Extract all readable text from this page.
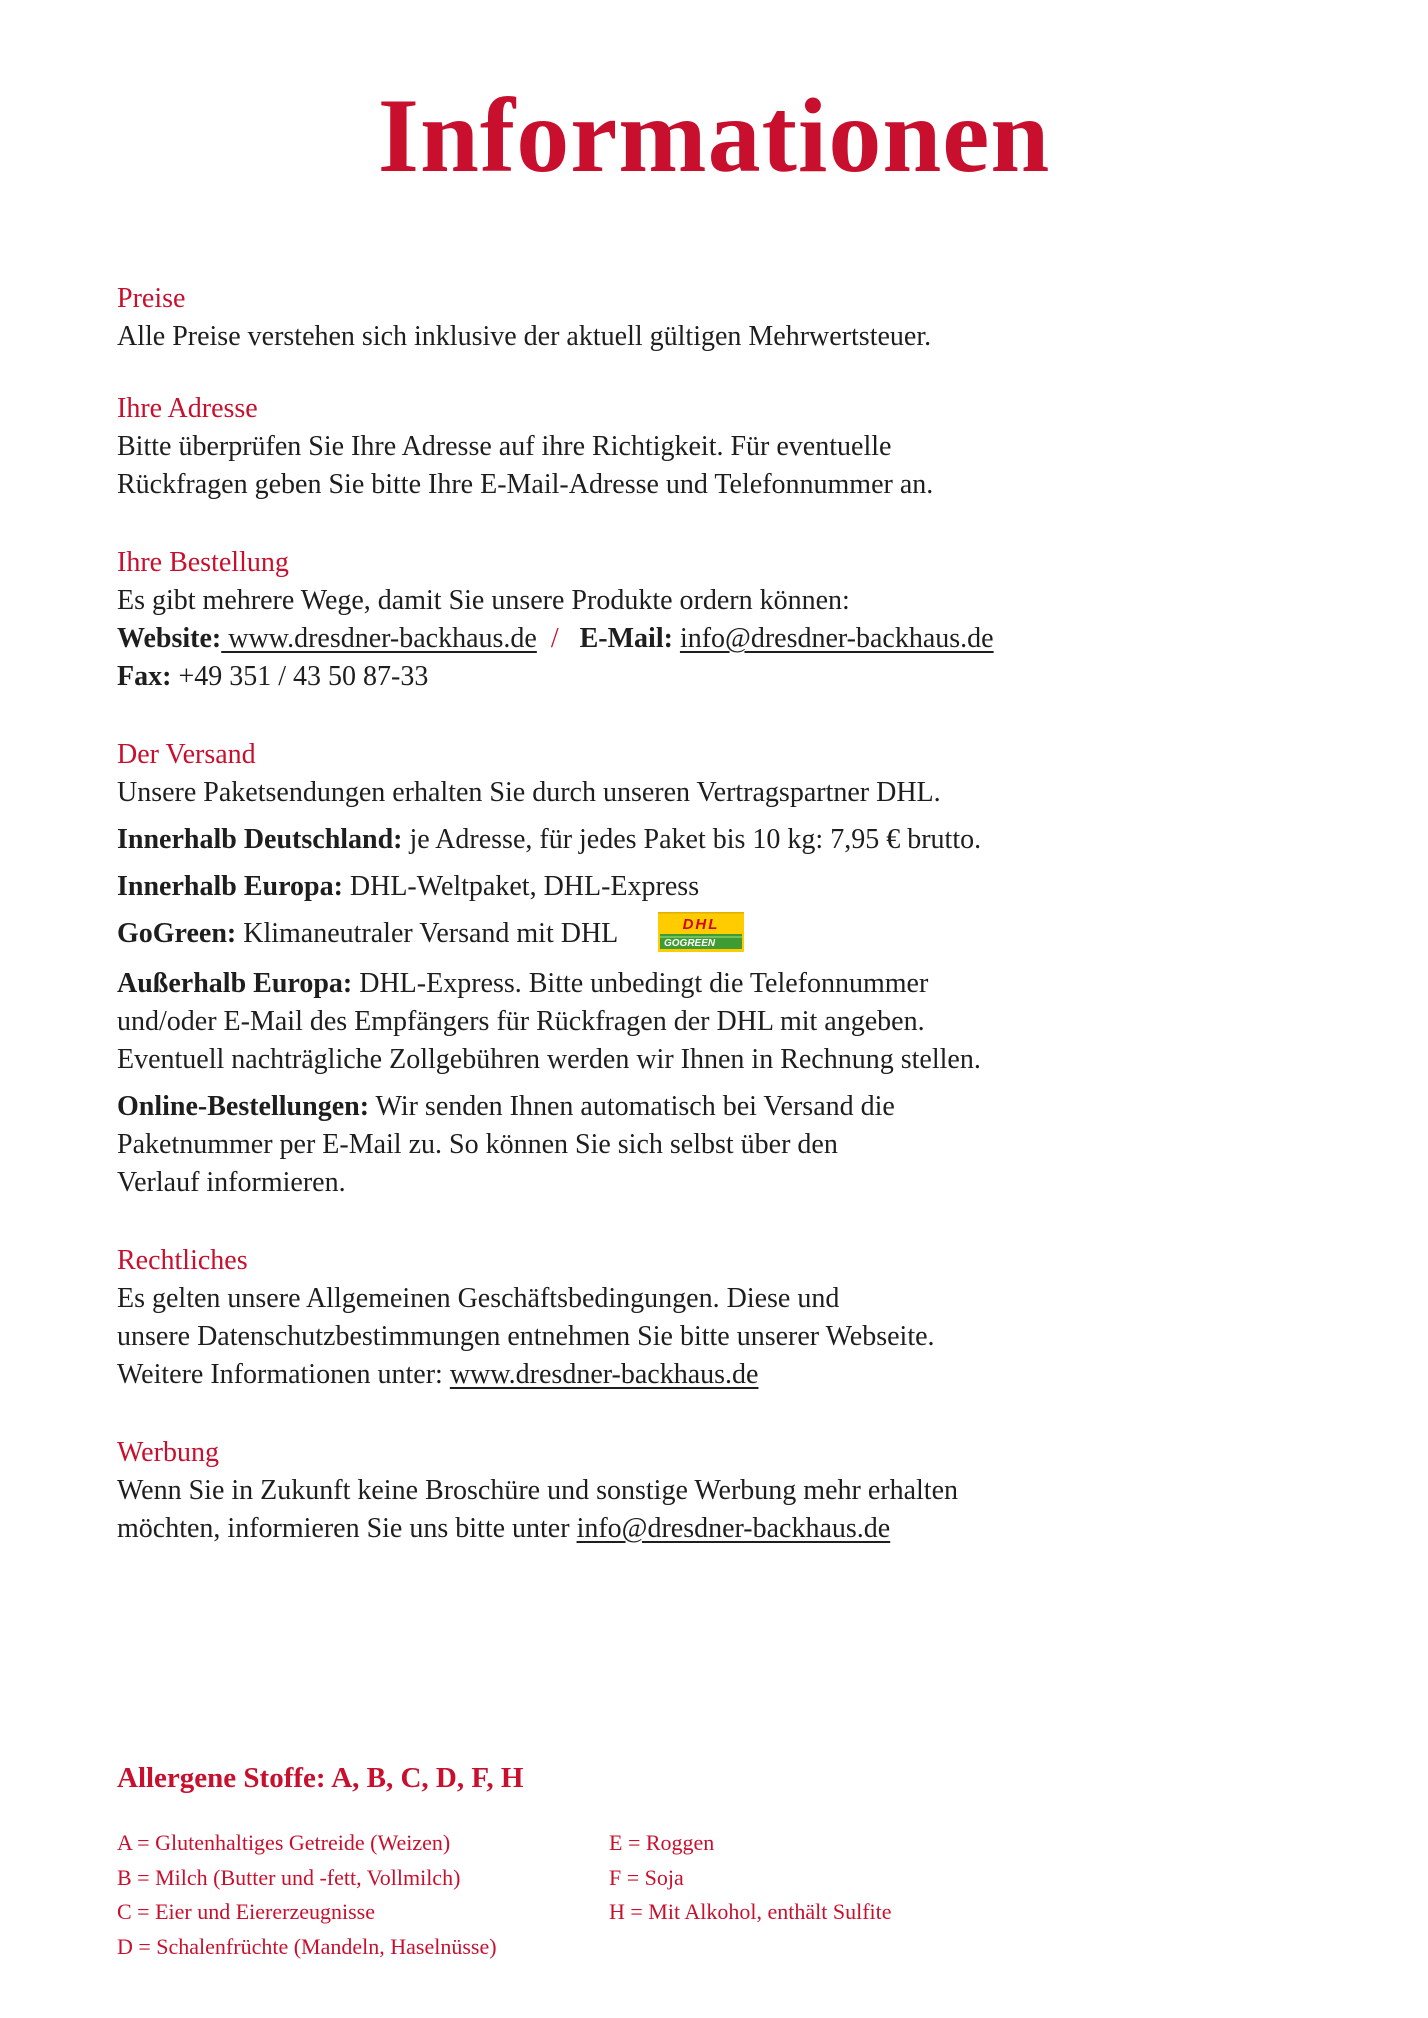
Informationen
Preise
Alle Preise verstehen sich inklusive der aktuell gültigen Mehrwertsteuer.
Ihre Adresse
Bitte überprüfen Sie Ihre Adresse auf ihre Richtigkeit. Für eventuelle
Rückfragen geben Sie bitte Ihre E-Mail-Adresse und Telefonnummer an.
Ihre Bestellung
Es gibt mehrere Wege, damit Sie unsere Produkte ordern können:
Website: www.dresdner-backhaus.de / E-Mail: info@dresdner-backhaus.de
Fax: +49 351 / 43 50 87-33
Der Versand
Unsere Paketsendungen erhalten Sie durch unseren Vertragspartner DHL.
Innerhalb Deutschland: je Adresse, für jedes Paket bis 10 kg: 7,95 € brutto.
Innerhalb Europa: DHL-Weltpaket, DHL-Express
GoGreen: Klimaneutraler Versand mit DHL	DHL
GOGREEN
Außerhalb Europa: DHL-Express. Bitte unbedingt die Telefonnummer
und/oder E-Mail des Empfängers für Rückfragen der DHL mit angeben.
Eventuell nachträgliche Zollgebühren werden wir Ihnen in Rechnung stellen.
Online-Bestellungen: Wir senden Ihnen automatisch bei Versand die
Paketnummer per E-Mail zu. So können Sie sich selbst über den
Verlauf informieren.
Rechtliches
Es gelten unsere Allgemeinen Geschäftsbedingungen. Diese und
unsere Datenschutzbestimmungen entnehmen Sie bitte unserer Webseite.
Weitere Informationen unter: www.dresdner-backhaus.de
Werbung
Wenn Sie in Zukunft keine Broschüre und sonstige Werbung mehr erhalten
möchten, informieren Sie uns bitte unter info@dresdner-backhaus.de
Allergene Stoffe: A, B, C, D, F, H
A = Glutenhaltiges Getreide (Weizen)
B = Milch (Butter und -fett, Vollmilch)
C = Eier und Eiererzeugnisse
D = Schalenfrüchte (Mandeln, Haselnüsse)
E = Roggen
F = Soja
H = Mit Alkohol, enthält Sulfite
